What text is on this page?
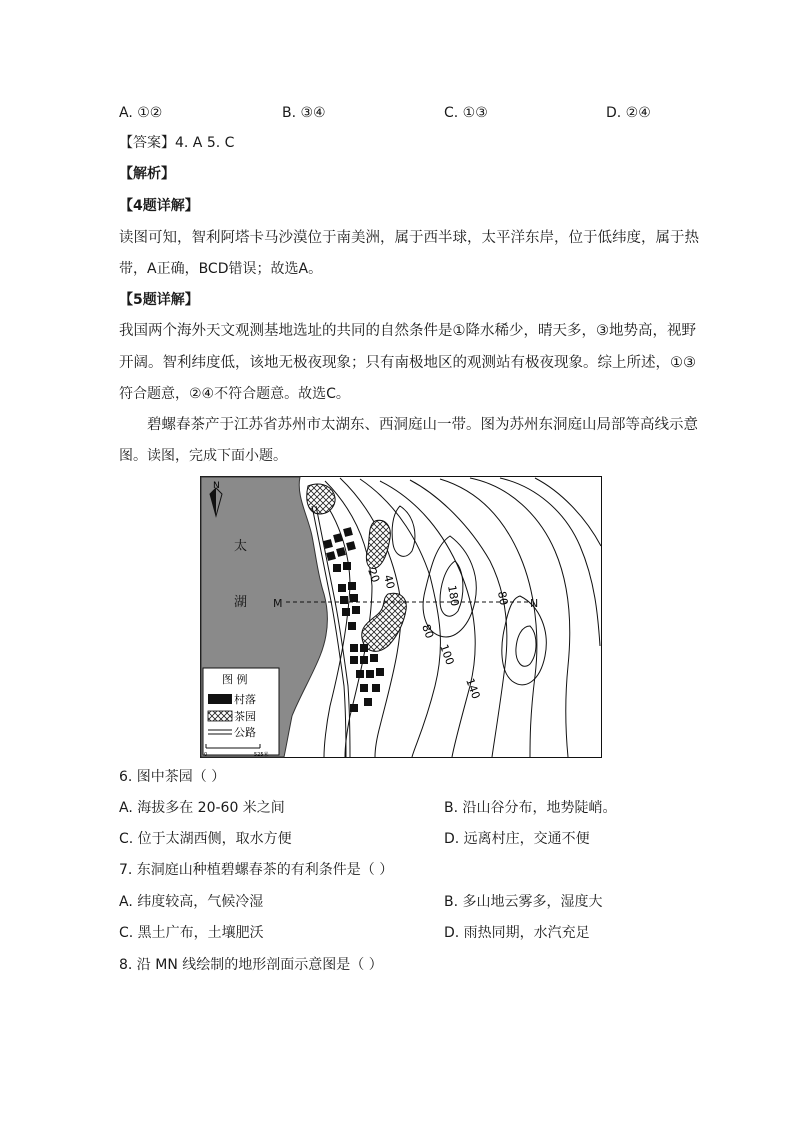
A. ①②	B. ③④	C. ①③	D. ②④
【答案】4. A 5. C
【解析】
【4题详解】
读图可知，智利阿塔卡马沙漠位于南美洲，属于西半球，太平洋东岸，位于低纬度，属于热
带，A正确，BCD错误；故选A。
【5题详解】
我国两个海外天文观测基地选址的共同的自然条件是①降水稀少，晴天多，③地势高，视野
开阔。智利纬度低，该地无极夜现象；只有南极地区的观测站有极夜现象。综上所述，①③
符合题意，②④不符合题意。故选C。
碧螺春茶产于江苏省苏州市太湖东、西洞庭山一带。图为苏州东洞庭山局部等高线示意
图。读图，完成下面小题。
N
太
湖 M	N
20
40
80
100
140
180	80
图 例
村落
茶园
公路
0	525米
6. 图中茶园（ ）
A. 海拔多在 20-60 米之间	B. 沿山谷分布，地势陡峭。
C. 位于太湖西侧，取水方便	D. 远离村庄，交通不便
7. 东洞庭山种植碧螺春茶的有利条件是（ ）
A. 纬度较高，气候冷湿	B. 多山地云雾多，湿度大
C. 黑土广布，土壤肥沃	D. 雨热同期，水汽充足
8. 沿 MN 线绘制的地形剖面示意图是（ ）
